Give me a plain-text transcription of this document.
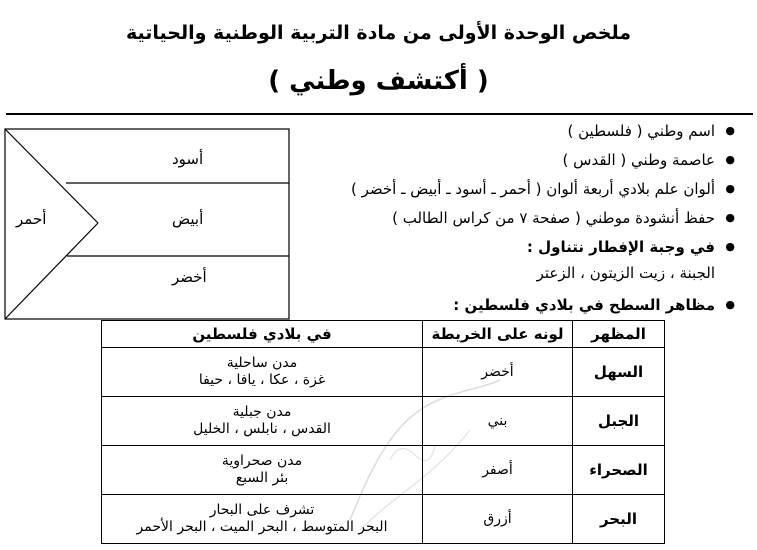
ملخص الوحدة الأولى من مادة التربية الوطنية والحياتية
( أكتشف وطني )
أسود
أبيض
أخضر
أحمر
● اسم وطني ( فلسطين )
● عاصمة وطني ( القدس )
● ألوان علم بلادي أربعة ألوان ( أحمر ـ أسود ـ أبيض ـ أخضر )
● حفظ أنشودة موطني ( صفحة ٧ من كراس الطالب )
● في وجبة الإفطار نتناول :
الجبنة ، زيت الزيتون ، الزعتر
● مظاهر السطح في بلادي فلسطين :
المظهر	لونه على الخريطة	في بلادي فلسطين
السهل	أخضر	مدن ساحلية
غزة ، عكا ، يافا ، حيفا

الجبل	بني	مدن جبلية
القدس ، نابلس ، الخليل

الصحراء	أصفر	مدن صحراوية
بئر السبع

البحر	أزرق	تشرف على البحار
البحر المتوسط ، البحر الميت ، البحر الأحمر
